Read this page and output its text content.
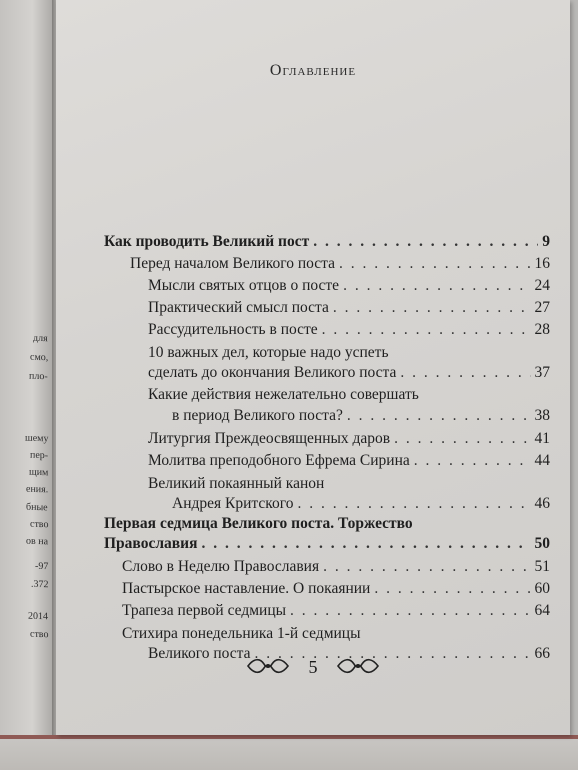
для
смо,
пло-
шему
пер-
щим
ения.
бные
ство
ов на
-97
.372
2014
ство
Оглавление
Как проводить Великий пост . . .	9
Перед началом Великого поста . . .	16
Мысли святых отцов о посте . . .	24
Практический смысл поста . . .	27
Рассудительность в посте . . .	28
10 важных дел, которые надо успеть
сделать до окончания Великого поста . . .	37
Какие действия нежелательно совершать
в период Великого поста? . . .	38
Литургия Преждеосвященных даров . . .	41
Молитва преподобного Ефрема Сирина . . .	44
Великий покаянный канон
Андрея Критского . . .	46
Первая седмица Великого поста. Торжество
Православия . . .	50
Слово в Неделю Православия . . .	51
Пастырское наставление. О покаянии . . .	60
Трапеза первой седмицы . . .	64
Стихира понедельника 1-й седмицы
Великого поста . . .	66
5
